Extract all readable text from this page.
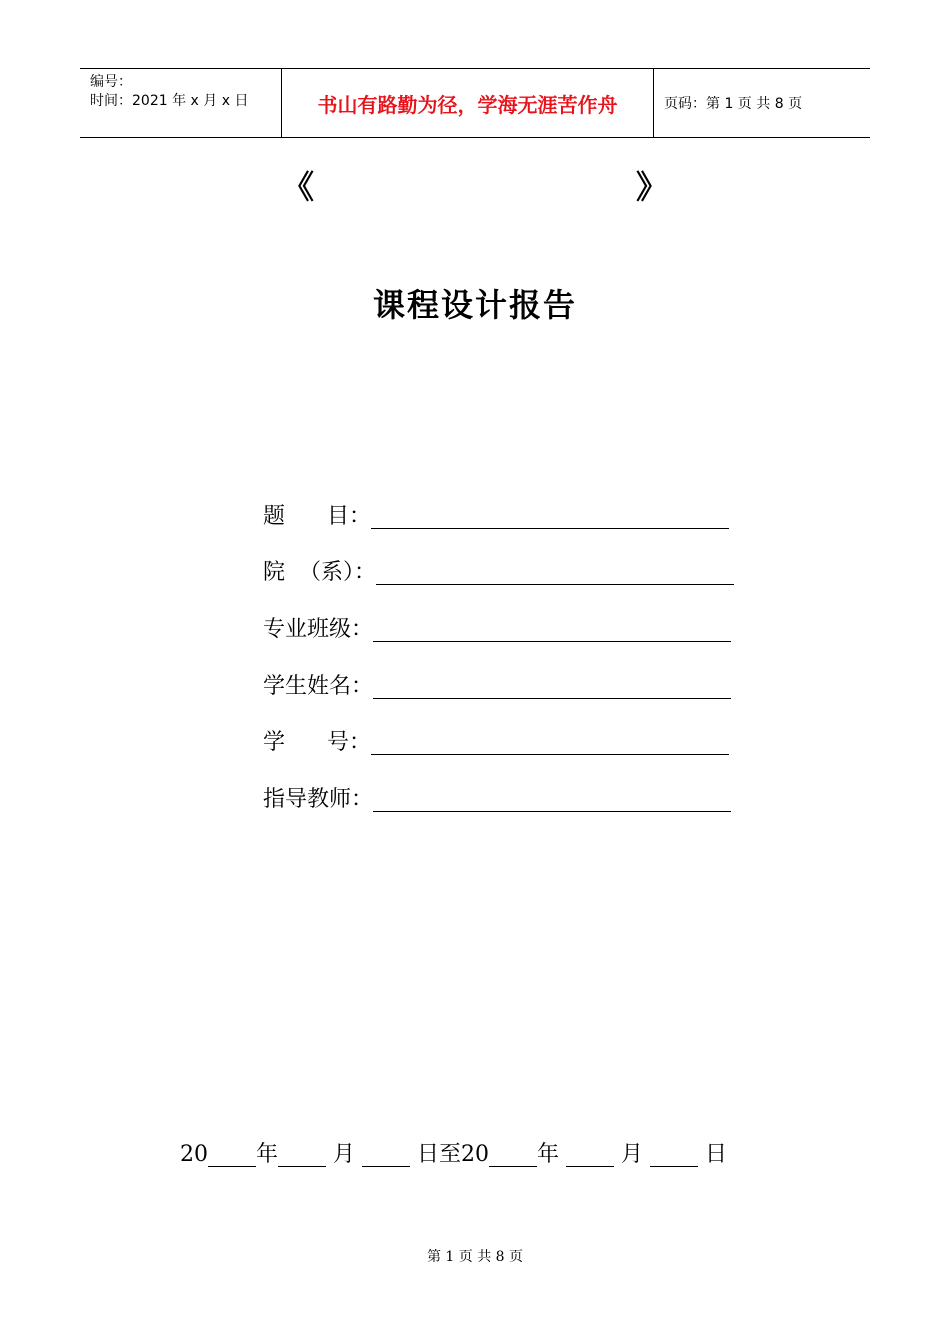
编号：
时间：2021 年 x 月 x 日	书山有路勤为径，学海无涯苦作舟	页码：第 1 页 共 8 页
《	》
课程设计报告
题      目：
院  （系）：
专业班级：
学生姓名：
学      号：
指导教师：
20 年 月 日至20 年 月 日
第 1 页 共 8 页
